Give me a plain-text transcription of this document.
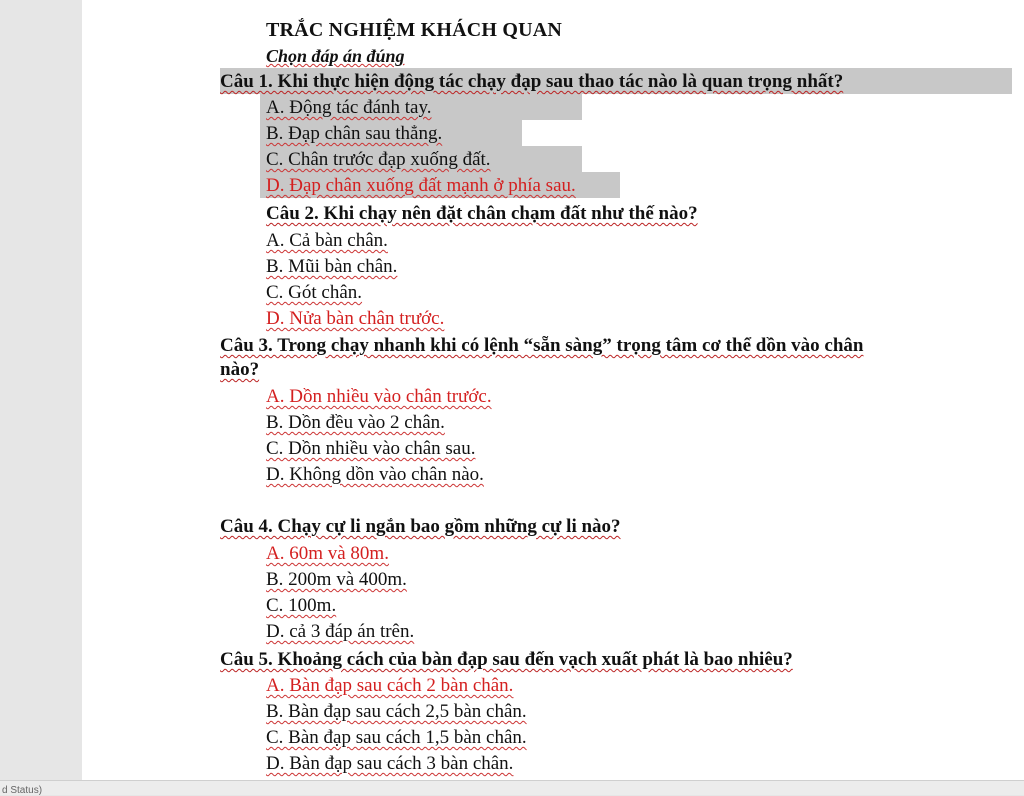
TRẮC NGHIỆM KHÁCH QUAN
Chọn đáp án đúng
Câu 1. Khi thực hiện động tác chạy đạp sau thao tác nào là quan trọng nhất?
A. Động tác đánh tay.
B. Đạp chân sau thẳng.
C. Chân trước đạp xuống đất.
D. Đạp chân xuống đất mạnh ở phía sau.
Câu 2. Khi chạy nên đặt chân chạm đất như thế nào?
A. Cả bàn chân.
B. Mũi bàn chân.
C. Gót chân.
D. Nửa bàn chân trước.
Câu 3. Trong chạy nhanh khi có lệnh “sẵn sàng” trọng tâm cơ thể dồn vào chân
nào?
A. Dồn nhiều vào chân trước.
B. Dồn đều vào 2 chân.
C. Dồn nhiều vào chân sau.
D. Không dồn vào chân nào.
Câu 4. Chạy cự li ngắn bao gồm những cự li nào?
A. 60m và 80m.
B. 200m và 400m.
C. 100m.
D. cả 3 đáp án trên.
Câu 5. Khoảng cách của bàn đạp sau đến vạch xuất phát là bao nhiêu?
A. Bàn đạp sau cách 2 bàn chân.
B. Bàn đạp sau cách 2,5 bàn chân.
C. Bàn đạp sau cách 1,5 bàn chân.
D. Bàn đạp sau cách 3 bàn chân.
d Status)
